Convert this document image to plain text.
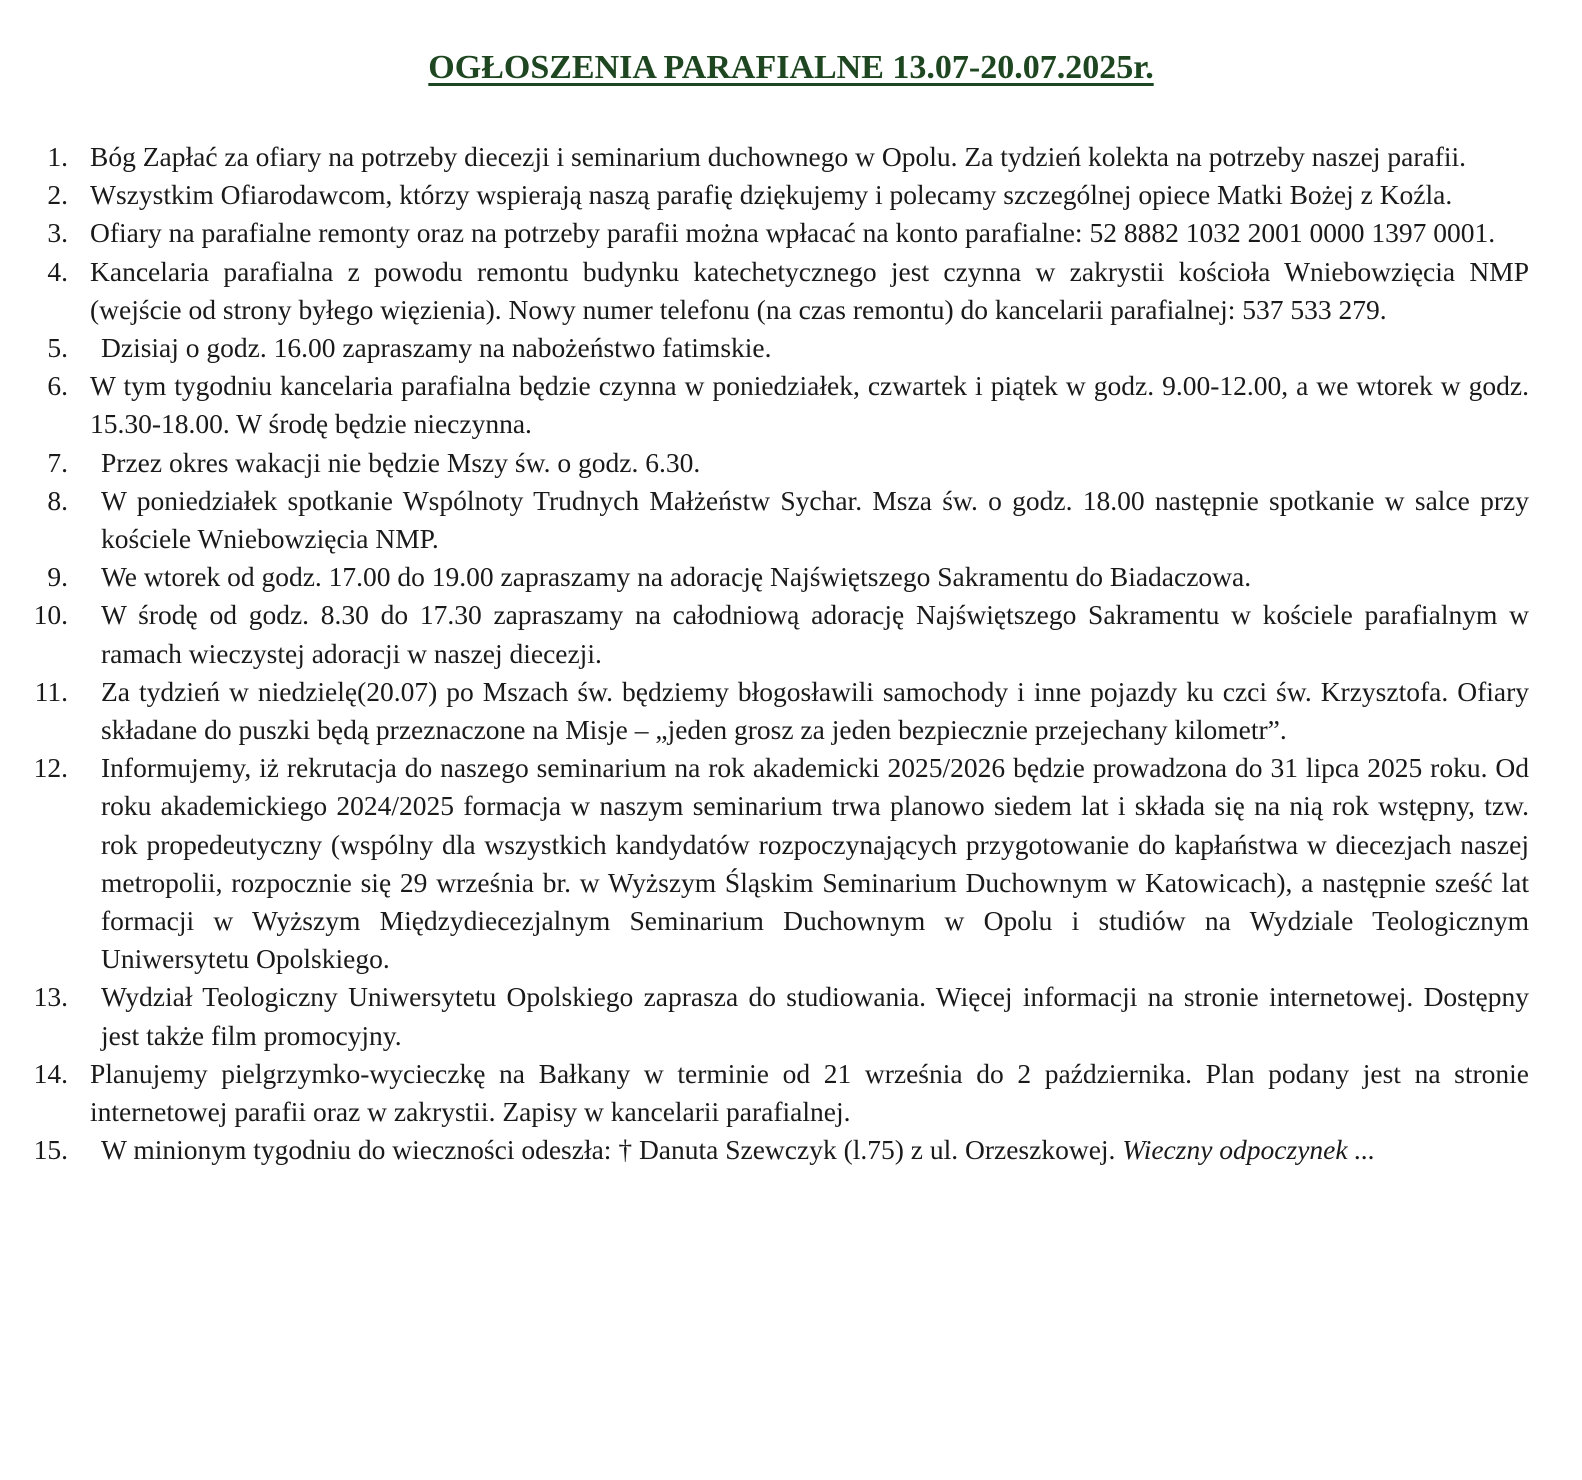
OGŁOSZENIA PARAFIALNE 13.07-20.07.2025r.
1. Bóg Zapłać za ofiary na potrzeby diecezji i seminarium duchownego w Opolu. Za tydzień kolekta na potrzeby naszej parafii.
2. Wszystkim Ofiarodawcom, którzy wspierają naszą parafię dziękujemy i polecamy szczególnej opiece Matki Bożej z Koźla.
3. Ofiary na parafialne remonty oraz na potrzeby parafii można wpłacać na konto parafialne: 52 8882 1032 2001 0000 1397 0001.
4. Kancelaria parafialna z powodu remontu budynku katechetycznego jest czynna w zakrystii kościoła Wniebowzięcia NMP (wejście od strony byłego więzienia). Nowy numer telefonu (na czas remontu) do kancelarii parafialnej: 537 533 279.
5. Dzisiaj o godz. 16.00 zapraszamy na nabożeństwo fatimskie.
6. W tym tygodniu kancelaria parafialna będzie czynna w poniedziałek, czwartek i piątek w godz. 9.00-12.00, a we wtorek w godz. 15.30-18.00. W środę będzie nieczynna.
7. Przez okres wakacji nie będzie Mszy św. o godz. 6.30.
8. W poniedziałek spotkanie Wspólnoty Trudnych Małżeństw Sychar. Msza św. o godz. 18.00 następnie spotkanie w salce przy kościele Wniebowzięcia NMP.
9. We wtorek od godz. 17.00 do 19.00 zapraszamy na adorację Najświętszego Sakramentu do Biadaczowa.
10. W środę od godz. 8.30 do 17.30 zapraszamy na całodniową adorację Najświętszego Sakramentu w kościele parafialnym w ramach wieczystej adoracji w naszej diecezji.
11. Za tydzień w niedzielę(20.07) po Mszach św. będziemy błogosławili samochody i inne pojazdy ku czci św. Krzysztofa. Ofiary składane do puszki będą przeznaczone na Misje – „jeden grosz za jeden bezpiecznie przejechany kilometr”.
12. Informujemy, iż rekrutacja do naszego seminarium na rok akademicki 2025/2026 będzie prowadzona do 31 lipca 2025 roku. Od roku akademickiego 2024/2025 formacja w naszym seminarium trwa planowo siedem lat i składa się na nią rok wstępny, tzw. rok propedeutyczny (wspólny dla wszystkich kandydatów rozpoczynających przygotowanie do kapłaństwa w diecezjach naszej metropolii, rozpocznie się 29 września br. w Wyższym Śląskim Seminarium Duchownym w Katowicach), a następnie sześć lat formacji w Wyższym Międzydiecezjalnym Seminarium Duchownym w Opolu i studiów na Wydziale Teologicznym Uniwersytetu Opolskiego.
13. Wydział Teologiczny Uniwersytetu Opolskiego zaprasza do studiowania. Więcej informacji na stronie internetowej. Dostępny jest także film promocyjny.
14. Planujemy pielgrzymko-wycieczkę na Bałkany w terminie od 21 września do 2 października. Plan podany jest na stronie internetowej parafii oraz w zakrystii. Zapisy w kancelarii parafialnej.
15. W minionym tygodniu do wieczności odeszła: † Danuta Szewczyk (l.75) z ul. Orzeszkowej. Wieczny odpoczynek ...
